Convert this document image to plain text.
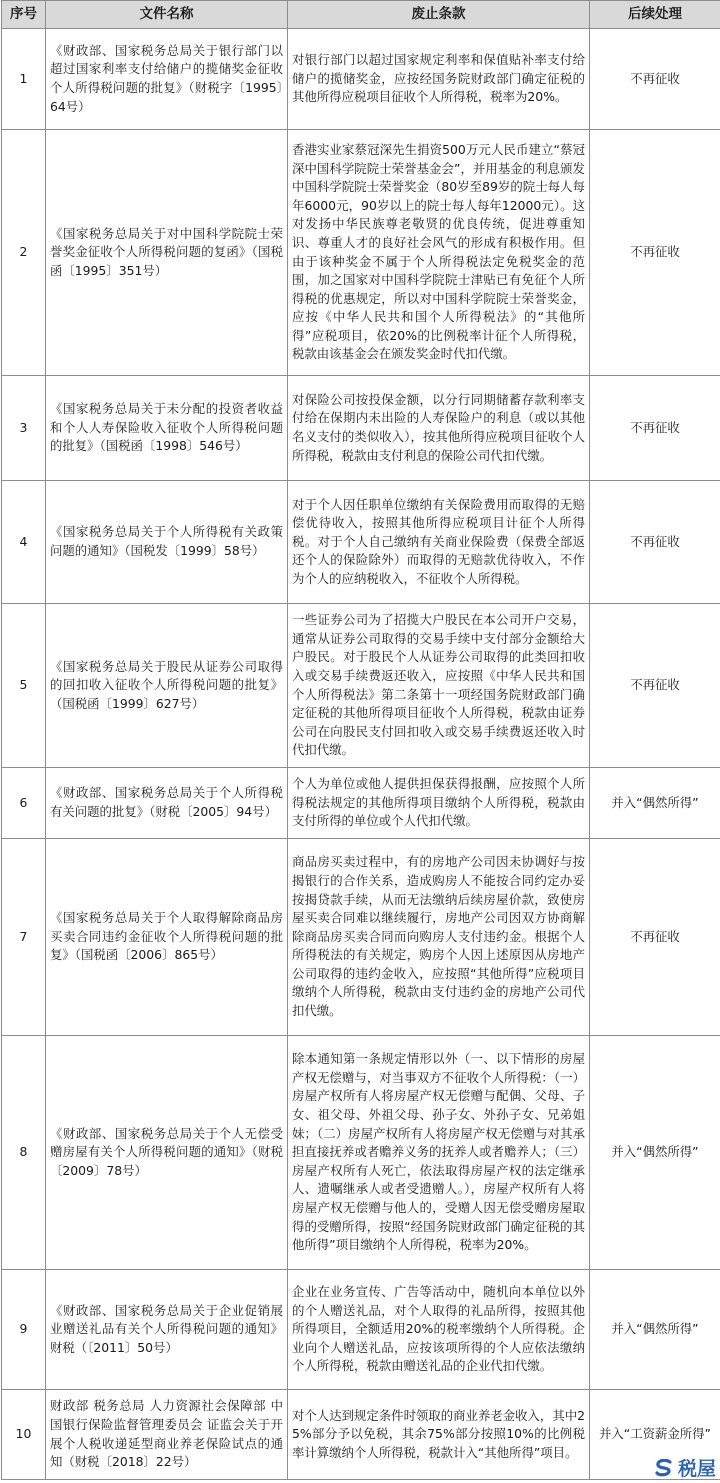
序号	文件名称	废止条款	后续处理
1	《财政部、国家税务总局关于银行部门以超过国家利率支付给储户的揽储奖金征收个人所得税问题的批复》（财税字〔1995〕64号）	对银行部门以超过国家规定利率和保值贴补率支付给储户的揽储奖金，应按经国务院财政部门确定征税的其他所得应税项目征收个人所得税，税率为20%。	不再征收
2	《国家税务总局关于对中国科学院院士荣誉奖金征收个人所得税问题的复函》（国税函〔1995〕351号）	香港实业家蔡冠深先生捐资500万元人民币建立“蔡冠深中国科学院院士荣誉基金会”，并用基金的利息颁发中国科学院院士荣誉奖金（80岁至89岁的院士每人每年6000元，90岁以上的院士每人每年12000元）。这对发扬中华民族尊老敬贤的优良传统，促进尊重知识、尊重人才的良好社会风气的形成有积极作用。但由于该种奖金不属于个人所得税法定免税奖金的范围，加之国家对中国科学院院士津贴已有免征个人所得税的优惠规定，所以对中国科学院院士荣誉奖金，应按《中华人民共和国个人所得税法》的“其他所得”应税项目，依20%的比例税率计征个人所得税，税款由该基金会在颁发奖金时代扣代缴。	不再征收
3	《国家税务总局关于未分配的投资者收益和个人人寿保险收入征收个人所得税问题的批复》（国税函〔1998〕546号）	对保险公司按投保金额，以分行同期储蓄存款利率支付给在保期内未出险的人寿保险户的利息（或以其他名义支付的类似收入），按其他所得应税项目征收个人所得税，税款由支付利息的保险公司代扣代缴。	不再征收
4	《国家税务总局关于个人所得税有关政策问题的通知》（国税发〔1999〕58号）	对于个人因任职单位缴纳有关保险费用而取得的无赔偿优待收入，按照其他所得应税项目计征个人所得税。对于个人自己缴纳有关商业保险费（保费全部返还个人的保险除外）而取得的无赔款优待收入，不作为个人的应纳税收入，不征收个人所得税。	不再征收
5	《国家税务总局关于股民从证券公司取得的回扣收入征收个人所得税问题的批复》（国税函〔1999〕627号）	一些证券公司为了招揽大户股民在本公司开户交易，通常从证券公司取得的交易手续中支付部分金额给大户股民。对于股民个人从证券公司取得的此类回扣收入或交易手续费返还收入，应按照《中华人民共和国个人所得税法》第二条第十一项经国务院财政部门确定征税的其他所得项目征收个人所得税，税款由证券公司在向股民支付回扣收入或交易手续费返还收入时代扣代缴。	不再征收
6	《财政部、国家税务总局关于个人所得税有关问题的批复》（财税〔2005〕94号）	个人为单位或他人提供担保获得报酬，应按照个人所得税法规定的其他所得项目缴纳个人所得税，税款由支付所得的单位或个人代扣代缴。	并入“偶然所得”
7	《国家税务总局关于个人取得解除商品房买卖合同违约金征收个人所得税问题的批复》（国税函〔2006〕865号）	商品房买卖过程中，有的房地产公司因未协调好与按揭银行的合作关系，造成购房人不能按合同约定办妥按揭贷款手续，从而无法缴纳后续房屋价款，致使房屋买卖合同难以继续履行，房地产公司因双方协商解除商品房买卖合同而向购房人支付违约金。根据个人所得税法的有关规定，购房个人因上述原因从房地产公司取得的违约金收入，应按照“其他所得”应税项目缴纳个人所得税，税款由支付违约金的房地产公司代扣代缴。	不再征收
8	《财政部、国家税务总局关于个人无偿受赠房屋有关个人所得税问题的通知》（财税〔2009〕78号）	除本通知第一条规定情形以外（一、以下情形的房屋产权无偿赠与，对当事双方不征收个人所得税：（一）房屋产权所有人将房屋产权无偿赠与配偶、父母、子女、祖父母、外祖父母、孙子女、外孙子女、兄弟姐妹；（二）房屋产权所有人将房屋产权无偿赠与对其承担直接抚养或者赡养义务的抚养人或者赡养人；（三）房屋产权所有人死亡，依法取得房屋产权的法定继承人、遗嘱继承人或者受遗赠人。），房屋产权所有人将房屋产权无偿赠与他人的，受赠人因无偿受赠房屋取得的受赠所得，按照“经国务院财政部门确定征税的其他所得”项目缴纳个人所得税，税率为20%。	并入“偶然所得”
9	《财政部、国家税务总局关于企业促销展业赠送礼品有关个人所得税问题的通知》财税（〔2011〕50号）	企业在业务宣传、广告等活动中，随机向本单位以外的个人赠送礼品，对个人取得的礼品所得，按照其他所得项目，全额适用20%的税率缴纳个人所得税。企业向个人赠送礼品，应按该项所得的个人应依法缴纳个人所得税，税款由赠送礼品的企业代扣代缴。	并入“偶然所得”
10	财政部 税务总局 人力资源社会保障部 中国银行保险监督管理委员会 证监会关于开展个人税收递延型商业养老保险试点的通知（财税〔2018〕22号）	对个人达到规定条件时领取的商业养老金收入，其中25%部分予以免税，其余75%部分按照10%的比例税率计算缴纳个人所得税，税款计入“其他所得”项目。	并入“工资薪金所得”
税屋
